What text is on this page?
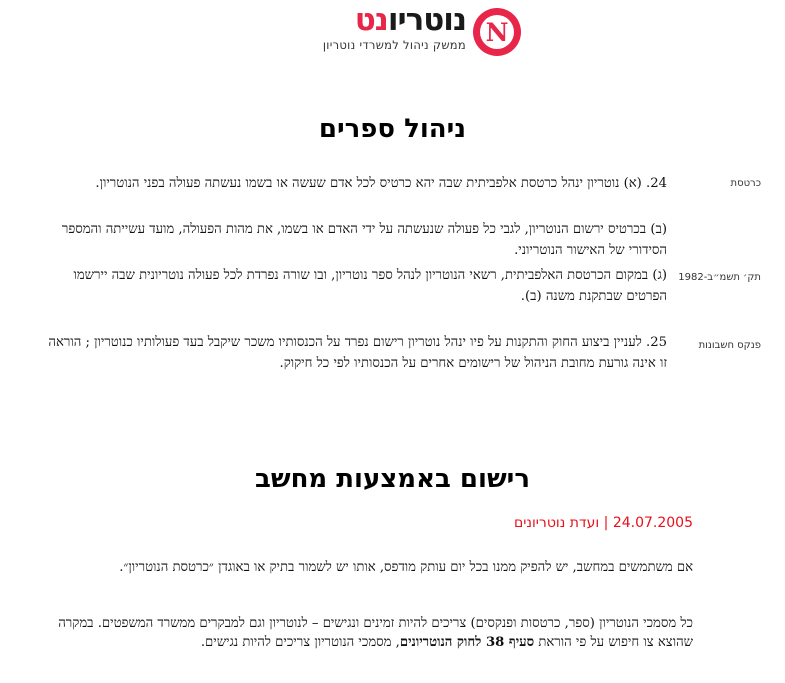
N
נוטריונט
ממשק ניהול למשרדי נוטריון
ניהול ספרים
כרטסת

24. (א) נוטריון ינהל כרטסת אלפביתית שבה יהא כרטיס לכל אדם שעשה או בשמו נעשתה פעולה בפני הנוטריון.

(ב) בכרטיס ירשום הנוטריון, לגבי כל פעולה שנעשתה על ידי האדם או בשמו, את מהות הפעולה, מועד עשייתה והמספר הסידורי של האישור הנוטריוני.

תק׳ תשמ״ב-1982

(ג) במקום הכרטסת האלפביתית, רשאי הנוטריון לנהל ספר נוטריון, ובו שורה נפרדת לכל פעולה נוטריונית שבה יירשמו הפרטים שבתקנת משנה (ב).

פנקס חשבונות

25. לעניין ביצוע החוק והתקנות על פיו ינהל נוטריון רישום נפרד על הכנסותיו משכר שיקבל בעד פעולותיו כנוטריון ; הוראה זו אינה גורעת מחובת הניהול של רישומים אחרים על הכנסותיו לפי כל חיקוק.

רישום באמצעות מחשב
24.07.2005 | ועדת נוטריונים

אם משתמשים במחשב, יש להפיק ממנו בכל יום עותק מודפס, אותו יש לשמור בתיק או באוגדן ״כרטסת הנוטריון״.

כל מסמכי הנוטריון (ספר, כרטסות ופנקסים) צריכים להיות זמינים ונגישים – לנוטריון וגם למבקרים ממשרד המשפטים. במקרה שהוצא צו חיפוש על פי הוראת סעיף 38 לחוק הנוטריונים, מסמכי הנוטריון צריכים להיות נגישים.
